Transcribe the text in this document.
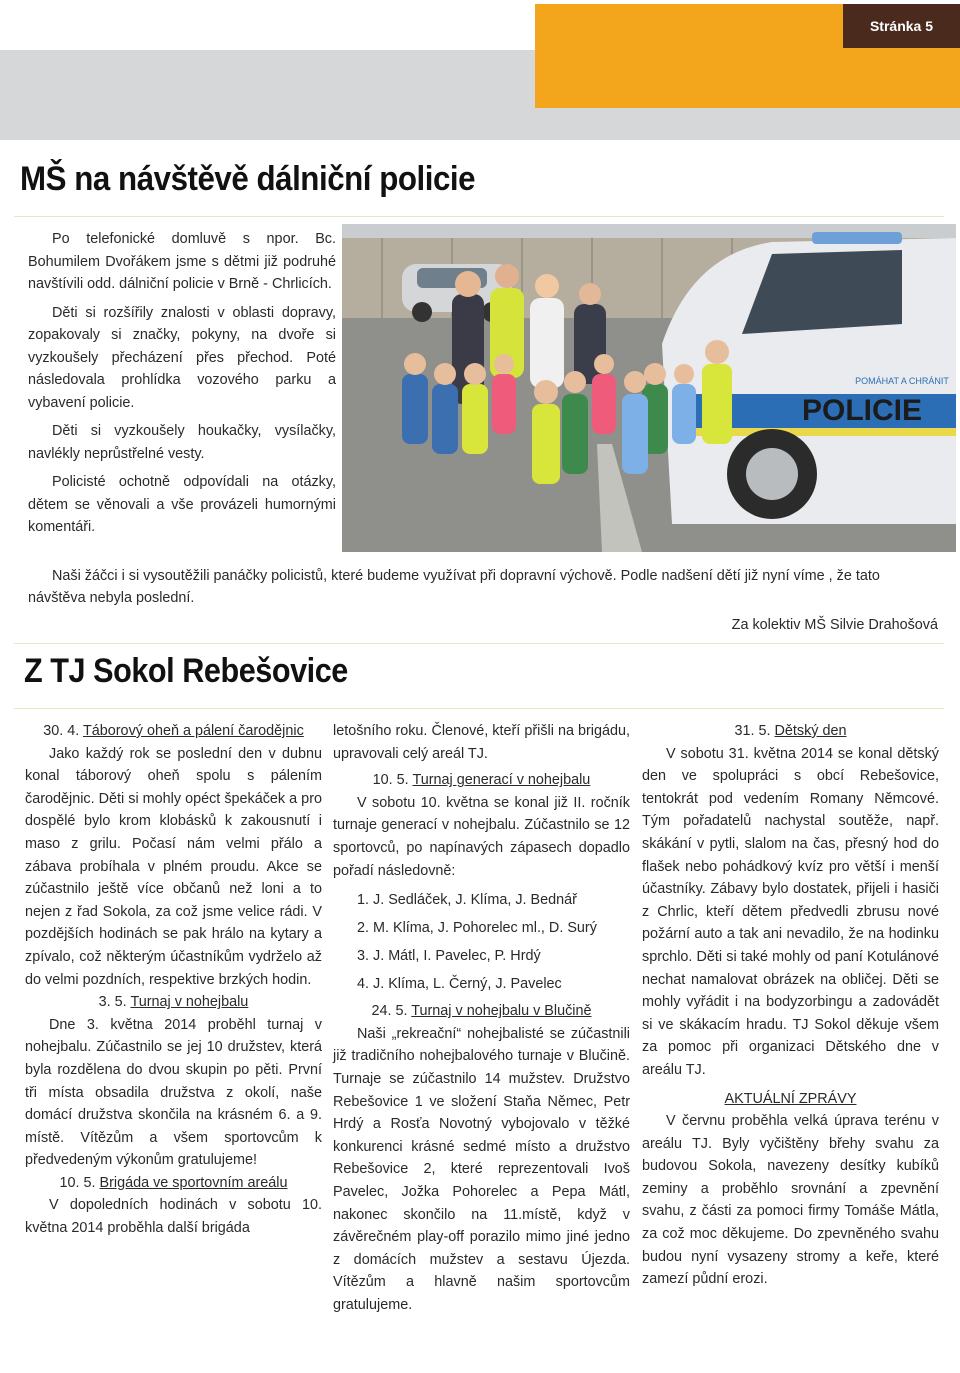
Stránka 5
MŠ na návštěvě dálniční policie

Po telefonické domluvě s npor. Bc. Bohumilem Dvořákem jsme s dětmi již podruhé navštívili odd. dálniční policie v Brně - Chrlicích.

Děti si rozšířily znalosti v oblasti dopravy, zopakovaly si značky, pokyny, na dvoře si vyzkoušely přecházení přes přechod. Poté následovala prohlídka vozového parku a vybavení policie.

Děti si vyzkoušely houkačky, vysílačky, navlékly neprůstřelné vesty.

Policisté ochotně odpovídali na otázky, dětem se věnovali a vše provázeli humornými komentáři.

POLICIE
POMÁHAT A CHRÁNIT

Naši žáčci i si vysoutěžili panáčky policistů, které budeme využívat při dopravní výchově. Podle nadšení dětí již nyní víme , že tato návštěva nebyla poslední.

Za kolektiv MŠ Silvie Drahošová
Z TJ Sokol Rebešovice
30. 4. Táborový oheň a pálení čarodějnic

Jako každý rok se poslední den v dubnu konal táborový oheň spolu s pálením čarodějnic. Děti si mohly opéct špekáček a pro dospělé bylo krom klobásků k zakousnutí i maso z grilu. Počasí nám velmi přálo a zábava probíhala v plném proudu. Akce se zúčastnilo ještě více občanů než loni a to nejen z řad Sokola, za což jsme velice rádi. V pozdějších hodinách se pak hrálo na kytary a zpívalo, což některým účastníkům vydrželo až do velmi pozdních, respektive brzkých hodin.

3. 5. Turnaj v nohejbalu

Dne 3. května 2014 proběhl turnaj v nohejbalu. Zúčastnilo se jej 10 družstev, která byla rozdělena do dvou skupin po pěti. První tři místa obsadila družstva z okolí, naše domácí družstva skončila na krásném 6. a 9. místě. Vítězům a všem sportovcům k předvedeným výkonům gratulujeme!

10. 5. Brigáda ve sportovním areálu

V dopoledních hodinách v sobotu 10. května 2014 proběhla další brigáda

letošního roku. Členové, kteří přišli na brigádu, upravovali celý areál TJ.

10. 5. Turnaj generací v nohejbalu

V sobotu 10. května se konal již II. ročník turnaje generací v nohejbalu. Zúčastnilo se 12 sportovců, po napínavých zápasech dopadlo pořadí následovně:

1. J. Sedláček, J. Klíma, J. Bednář
2. M. Klíma, J. Pohorelec ml., D. Surý
3. J. Mátl, I. Pavelec, P. Hrdý
4. J. Klíma, L. Černý, J. Pavelec
24. 5. Turnaj v nohejbalu v Blučině

Naši „rekreační“ nohejbalisté se zúčastnili již tradičního nohejbalového turnaje v Blučině. Turnaje se zúčastnilo 14 mužstev. Družstvo Rebešovice 1 ve složení Staňa Němec, Petr Hrdý a Rosťa Novotný vybojovalo v těžké konkurenci krásné sedmé místo a družstvo Rebešovice 2, které reprezentovali Ivoš Pavelec, Jožka Pohorelec a Pepa Mátl, nakonec skončilo na 11.místě, když v závěrečném play-off porazilo mimo jiné jedno z domácích mužstev a sestavu Újezda. Vítězům a hlavně našim sportovcům gratulujeme.

31. 5. Dětský den

V sobotu 31. května 2014 se konal dětský den ve spolupráci s obcí Rebešovice, tentokrát pod vedením Romany Němcové. Tým pořadatelů nachystal soutěže, např. skákání v pytli, slalom na čas, přesný hod do flašek nebo pohádkový kvíz pro větší i menší účastníky. Zábavy bylo dostatek, přijeli i hasiči z Chrlic, kteří dětem předvedli zbrusu nové požární auto a tak ani nevadilo, že na hodinku sprchlo. Děti si také mohly od paní Kotulánové nechat namalovat obrázek na obličej. Děti se mohly vyřádit i na bodyzorbingu a zadovádět si ve skákacím hradu. TJ Sokol děkuje všem za pomoc při organizaci Dětského dne v areálu TJ.

AKTUÁLNÍ ZPRÁVY

V červnu proběhla velká úprava terénu v areálu TJ. Byly vyčištěny břehy svahu za budovou Sokola, navezeny desítky kubíků zeminy a proběhlo srovnání a zpevnění svahu, z části za pomoci firmy Tomáše Mátla, za což moc děkujeme. Do zpevněného svahu budou nyní vysazeny stromy a keře, které zamezí půdní erozi.
